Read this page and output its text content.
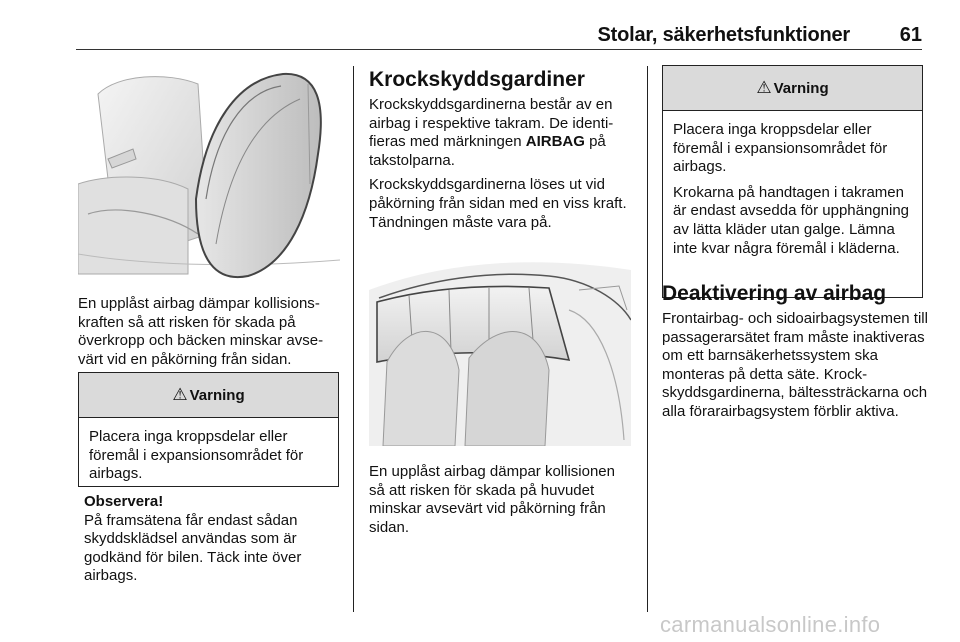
Stolar, säkerhetsfunktioner	61

En upplåst airbag dämpar kollisionskraften så att risken för skada på överkropp och bäcken minskar avsevärt vid en påkörning från sidan.

⚠ Varning

Placera inga kroppsdelar eller föremål i expansionsområdet för airbags.

Observera!

På framsätena får endast sådan skyddsklädsel användas som är godkänd för bilen. Täck inte över airbags.

Krockskyddsgardiner

Krockskyddsgardinerna består av en airbag i respektive takram. De identifieras med märkningen AIRBAG på takstolparna.

Krockskyddsgardinerna löses ut vid påkörning från sidan med en viss kraft. Tändningen måste vara på.

En upplåst airbag dämpar kollisionen så att risken för skada på huvudet minskar avsevärt vid påkörning från sidan.

⚠ Varning

Placera inga kroppsdelar eller föremål i expansionsområdet för airbags.

Krokarna på handtagen i takramen är endast avsedda för upphängning av lätta kläder utan galge. Lämna inte kvar några föremål i kläderna.

Deaktivering av airbag

Frontairbag- och sidoairbagsystemen till passagerarsätet fram måste inaktiveras om ett barnsäkerhetssystem ska monteras på detta säte. Krockskyddsgardinerna, bältessträckarna och alla förarairbagsystem förblir aktiva.

carmanualsonline.info
